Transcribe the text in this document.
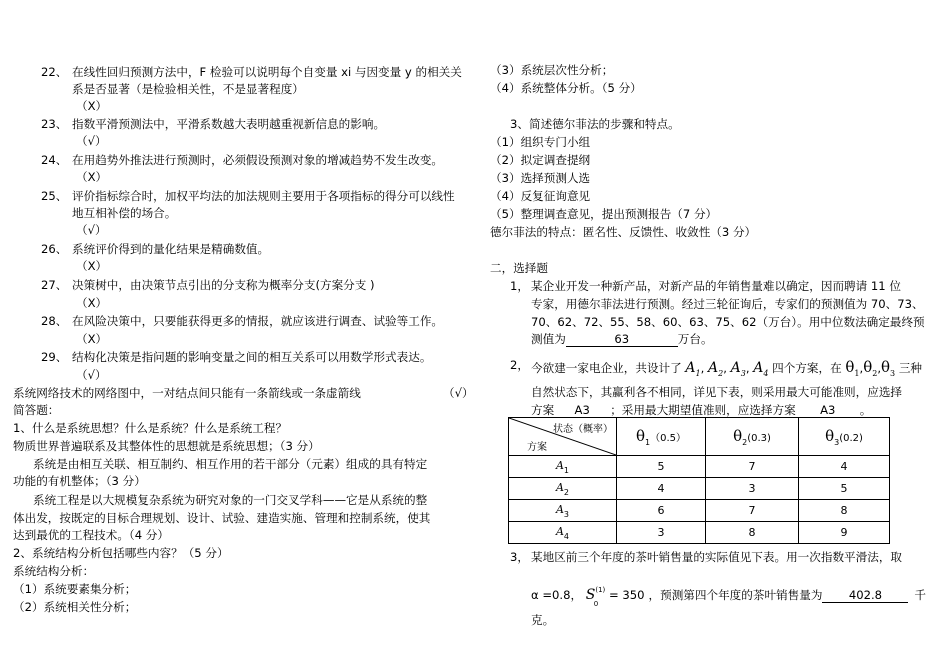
22、 在线性回归预测方法中，F 检验可以说明每个自变量 xi 与因变量 y 的相关关
系是否显著（是检验相关性，不是显著程度）
（X）
23、 指数平滑预测法中，平滑系数越大表明越重视新信息的影响。
（√）
24、 在用趋势外推法进行预测时，必须假设预测对象的增减趋势不发生改变。
（X）
25、 评价指标综合时，加权平均法的加法规则主要用于各项指标的得分可以线性
地互相补偿的场合。
（√）
26、 系统评价得到的量化结果是精确数值。
（X）
27、 决策树中，由决策节点引出的分支称为概率分支(方案分支 )
（X）
28、 在风险决策中，只要能获得更多的情报，就应该进行调查、试验等工作。
（X）
29、 结构化决策是指问题的影响变量之间的相互关系可以用数学形式表达。
（√）
系统网络技术的网络图中，一对结点间只能有一条箭线或一条虚箭线	（√）
简答题：
1、什么是系统思想？什么是系统？什么是系统工程？
物质世界普遍联系及其整体性的思想就是系统思想；（3 分）
系统是由相互关联、相互制约、相互作用的若干部分（元素）组成的具有特定
功能的有机整体；（3 分）
系统工程是以大规模复杂系统为研究对象的一门交叉学科——它是从系统的整
体出发，按既定的目标合理规划、设计、试验、建造实施、管理和控制系统，使其
达到最优的工程技术。（4 分）
2、系统结构分析包括哪些内容？（5 分）
系统结构分析：
（1）系统要素集分析；
（2）系统相关性分析；
（3）系统层次性分析；
（4）系统整体分析。（5 分）
3、简述德尔菲法的步骤和特点。
（1）组织专门小组
（2）拟定调查提纲
（3）选择预测人选
（4）反复征询意见
（5）整理调查意见，提出预测报告（7 分）
德尔菲法的特点：匿名性、反馈性、收敛性（3 分）
二，选择题
1， 某企业开发一种新产品，对新产品的年销售量难以确定，因而聘请 11 位
专家，用德尔菲法进行预测。经过三轮征询后，专家们的预测值为 70、73、
70、62、72、55、58、60、63、75、62（万台）。用中位数法确定最终预
测值为	63	万台。
2， 今欲建一家电企业，共设计了 $A_1$, $A_2$, $A_3$, $A_4$ 四个方案，在 $\theta_1,\theta_2,\theta_3$ 三种
自然状态下，其赢利各不相同，详见下表，则采用最大可能准则，应选择
方案 A3 ；采用最大期望值准则，应选择方案 A3 。
状态（概率）
方案	$\theta_1(0.5)$	$\theta_2(0.3)$	$\theta_3(0.2)$
$A_1$	5	7	4
$A_2$	4	3	5
$A_3$	6	7	8
$A_4$	3	8	9
3， 某地区前三个年度的茶叶销售量的实际值见下表。用一次指数平滑法，取
α =0.8， $S^{(1)}$
0
= 350 ，预测第四个年度的茶叶销售量为 402.8	千
克。
